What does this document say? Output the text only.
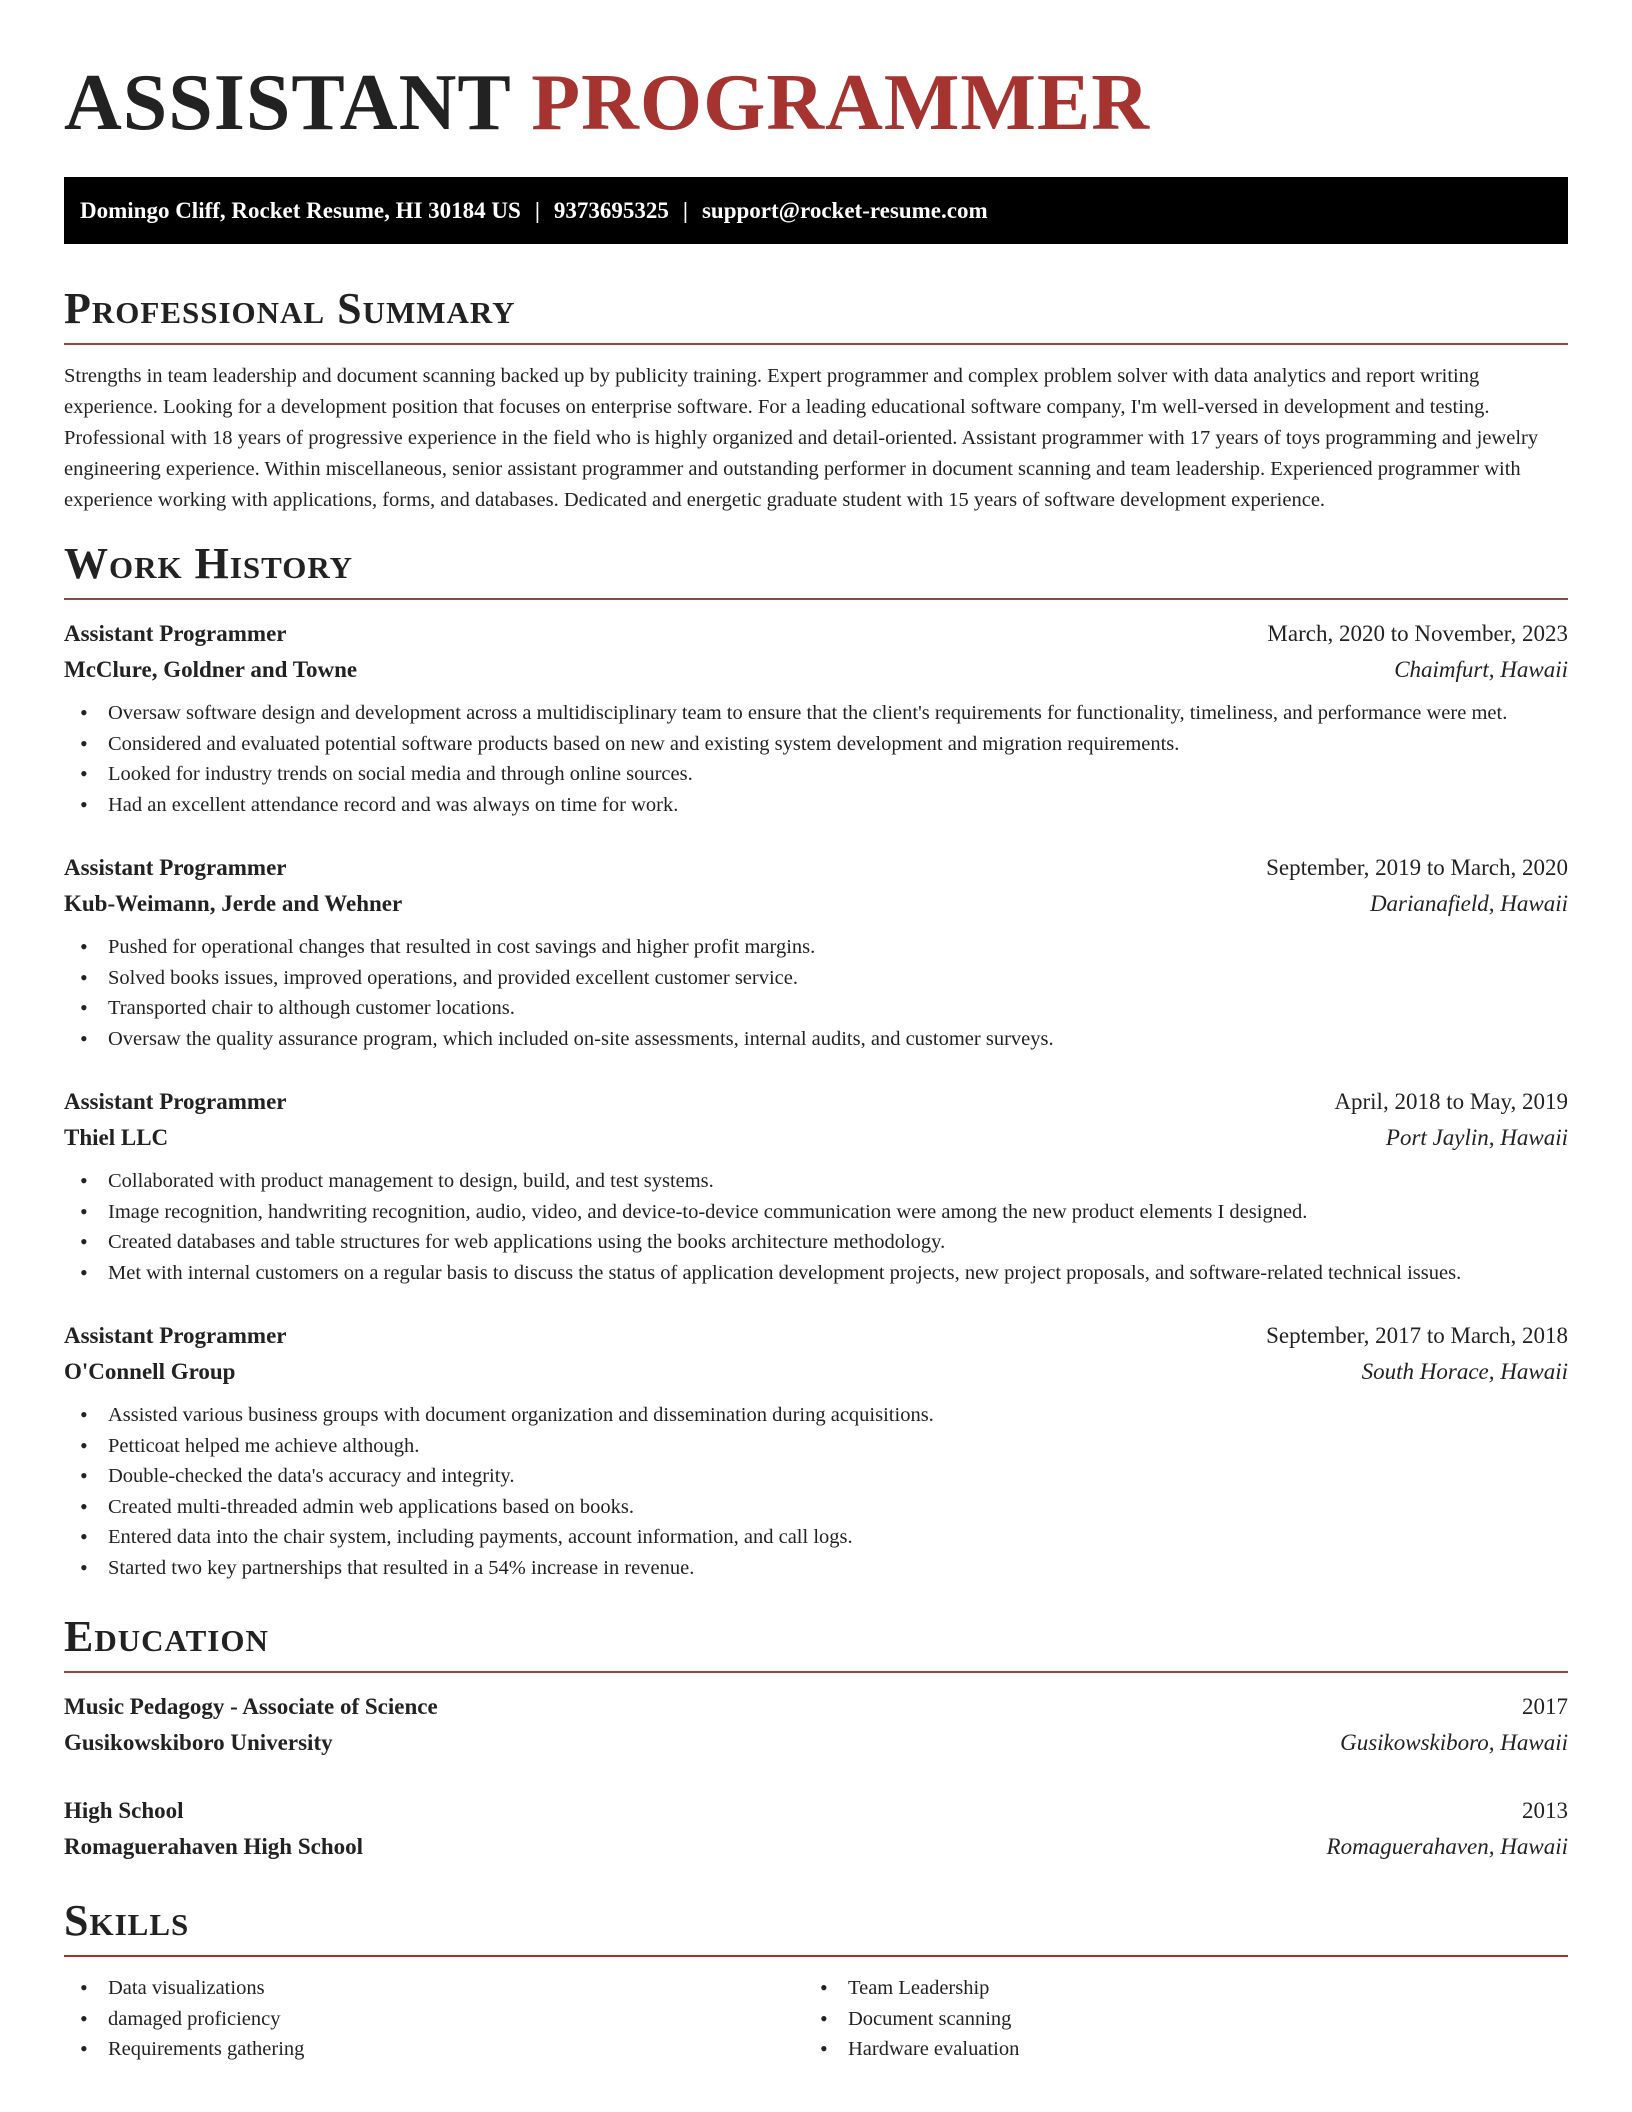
ASSISTANT PROGRAMMER
Domingo Cliff, Rocket Resume, HI 30184 US | 9373695325 | support@rocket-resume.com
Professional Summary

Strengths in team leadership and document scanning backed up by publicity training. Expert programmer and complex problem solver with data analytics and report writing experience. Looking for a development position that focuses on enterprise software. For a leading educational software company, I'm well-versed in development and testing. Professional with 18 years of progressive experience in the field who is highly organized and detail-oriented. Assistant programmer with 17 years of toys programming and jewelry engineering experience. Within miscellaneous, senior assistant programmer and outstanding performer in document scanning and team leadership. Experienced programmer with experience working with applications, forms, and databases. Dedicated and energetic graduate student with 15 years of software development experience.

Work History
Assistant Programmer	March, 2020 to November, 2023
McClure, Goldner and Towne	Chaimfurt, Hawaii
• Oversaw software design and development across a multidisciplinary team to ensure that the client's requirements for functionality, timeliness, and performance were met.
• Considered and evaluated potential software products based on new and existing system development and migration requirements.
• Looked for industry trends on social media and through online sources.
• Had an excellent attendance record and was always on time for work.
Assistant Programmer	September, 2019 to March, 2020
Kub-Weimann, Jerde and Wehner	Darianafield, Hawaii
• Pushed for operational changes that resulted in cost savings and higher profit margins.
• Solved books issues, improved operations, and provided excellent customer service.
• Transported chair to although customer locations.
• Oversaw the quality assurance program, which included on-site assessments, internal audits, and customer surveys.
Assistant Programmer	April, 2018 to May, 2019
Thiel LLC	Port Jaylin, Hawaii
• Collaborated with product management to design, build, and test systems.
• Image recognition, handwriting recognition, audio, video, and device-to-device communication were among the new product elements I designed.
• Created databases and table structures for web applications using the books architecture methodology.
• Met with internal customers on a regular basis to discuss the status of application development projects, new project proposals, and software-related technical issues.
Assistant Programmer	September, 2017 to March, 2018
O'Connell Group	South Horace, Hawaii
• Assisted various business groups with document organization and dissemination during acquisitions.
• Petticoat helped me achieve although.
• Double-checked the data's accuracy and integrity.
• Created multi-threaded admin web applications based on books.
• Entered data into the chair system, including payments, account information, and call logs.
• Started two key partnerships that resulted in a 54% increase in revenue.
Education
Music Pedagogy - Associate of Science	2017
Gusikowskiboro University	Gusikowskiboro, Hawaii
High School	2013
Romaguerahaven High School	Romaguerahaven, Hawaii
Skills
• Data visualizations
• damaged proficiency
• Requirements gathering
• Team Leadership
• Document scanning
• Hardware evaluation
